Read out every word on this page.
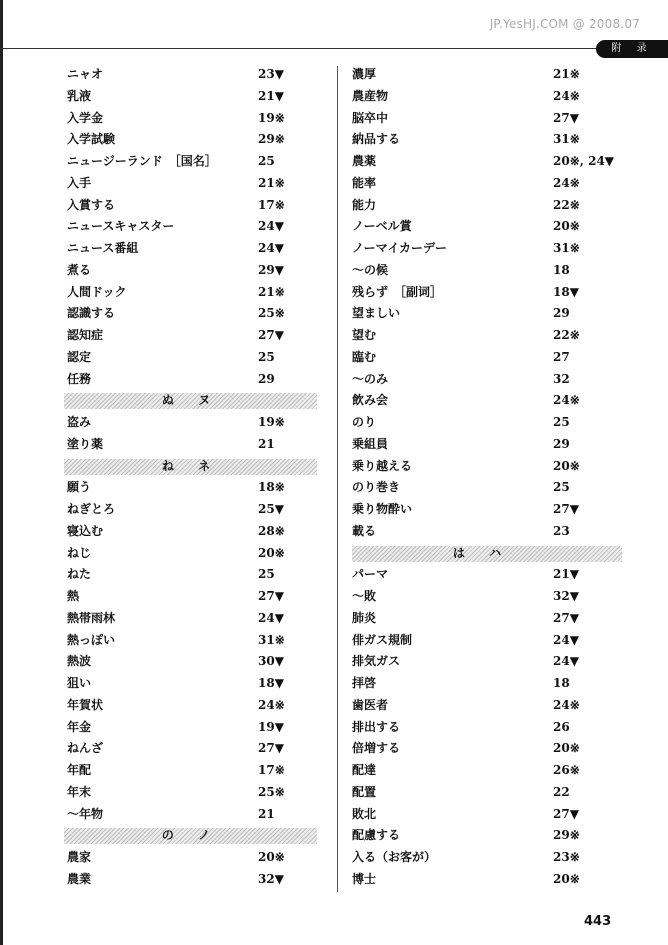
JP.YesHJ.COM @ 2008.07
附 录
ニャオ	23▼
乳液	21▼
入学金	19※
入学試験	29※
ニュージーランド　［国名］	25
入手	21※
入賞する	17※
ニュースキャスター	24▼
ニュース番組	24▼
煮る	29▼
人間ドック	21※
認識する	25※
認知症	27▼
認定	25
任務	29
ぬ ヌ
盗み	19※
塗り薬	21
ね ネ
願う	18※
ねぎとろ	25▼
寝込む	28※
ねじ	20※
ねた	25
熱	27▼
熱帯雨林	24▼
熱っぽい	31※
熱波	30▼
狙い	18▼
年賀状	24※
年金	19▼
ねんざ	27▼
年配	17※
年末	25※
～年物	21
の ノ
農家	20※
農業	32▼
濃厚	21※
農産物	24※
脳卒中	27▼
納品する	31※
農薬	20※, 24▼
能率	24※
能力	22※
ノーベル賞	20※
ノーマイカーデー	31※
～の候	18
残らず　［副词］	18▼
望ましい	29
望む	22※
臨む	27
～のみ	32
飲み会	24※
のり	25
乗組員	29
乗り越える	20※
のり巻き	25
乗り物酔い	27▼
載る	23
は ハ
パーマ	21▼
～敗	32▼
肺炎	27▼
俳ガス規制	24▼
排気ガス	24▼
拝啓	18
歯医者	24※
排出する	26
倍増する	20※
配達	26※
配置	22
敗北	27▼
配慮する	29※
入る（お客が）	23※
博士	20※
443
